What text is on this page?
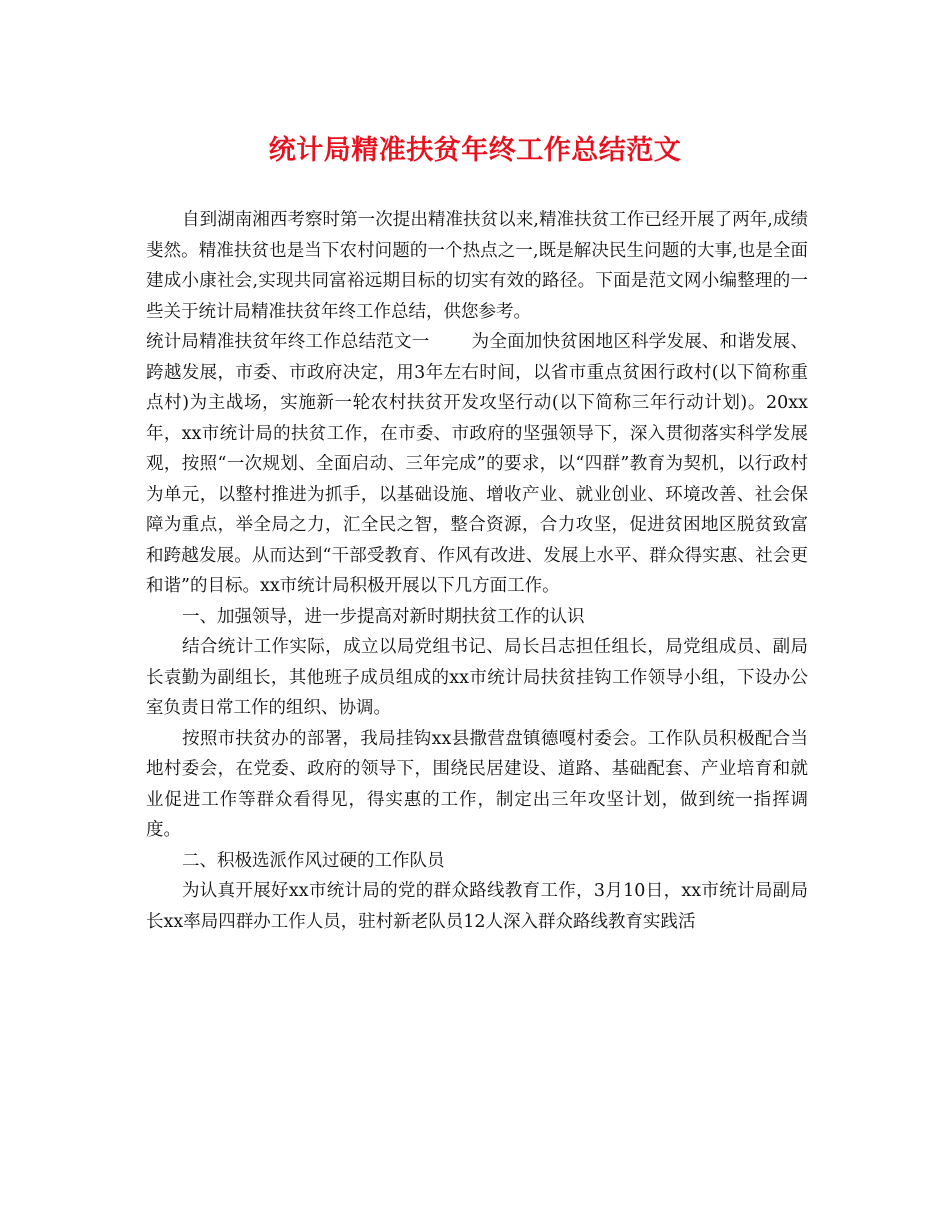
统计局精准扶贫年终工作总结范文

自到湖南湘西考察时第一次提出精准扶贫以来,精准扶贫工作已经开展了两年,成绩斐然。精准扶贫也是当下农村问题的一个热点之一,既是解决民生问题的大事,也是全面建成小康社会,实现共同富裕远期目标的切实有效的路径。下面是范文网小编整理的一些关于统计局精准扶贫年终工作总结，供您参考。

统计局精准扶贫年终工作总结范文一 为全面加快贫困地区科学发展、和谐发展、跨越发展，市委、市政府决定，用3年左右时间，以省市重点贫困行政村(以下简称重点村)为主战场，实施新一轮农村扶贫开发攻坚行动(以下简称三年行动计划)。20xx年，xx市统计局的扶贫工作，在市委、市政府的坚强领导下，深入贯彻落实科学发展观，按照“一次规划、全面启动、三年完成”的要求，以“四群”教育为契机，以行政村为单元，以整村推进为抓手，以基础设施、增收产业、就业创业、环境改善、社会保障为重点，举全局之力，汇全民之智，整合资源，合力攻坚，促进贫困地区脱贫致富和跨越发展。从而达到“干部受教育、作风有改进、发展上水平、群众得实惠、社会更和谐”的目标。xx市统计局积极开展以下几方面工作。

一、加强领导，进一步提高对新时期扶贫工作的认识

结合统计工作实际，成立以局党组书记、局长吕志担任组长，局党组成员、副局长袁勤为副组长，其他班子成员组成的xx市统计局扶贫挂钩工作领导小组，下设办公室负责日常工作的组织、协调。

按照市扶贫办的部署，我局挂钩xx县撒营盘镇德嘎村委会。工作队员积极配合当地村委会，在党委、政府的领导下，围绕民居建设、道路、基础配套、产业培育和就业促进工作等群众看得见，得实惠的工作，制定出三年攻坚计划，做到统一指挥调度。

二、积极选派作风过硬的工作队员

为认真开展好xx市统计局的党的群众路线教育工作，3月10日，xx市统计局副局长xx率局四群办工作人员，驻村新老队员12人深入群众路线教育实践活
